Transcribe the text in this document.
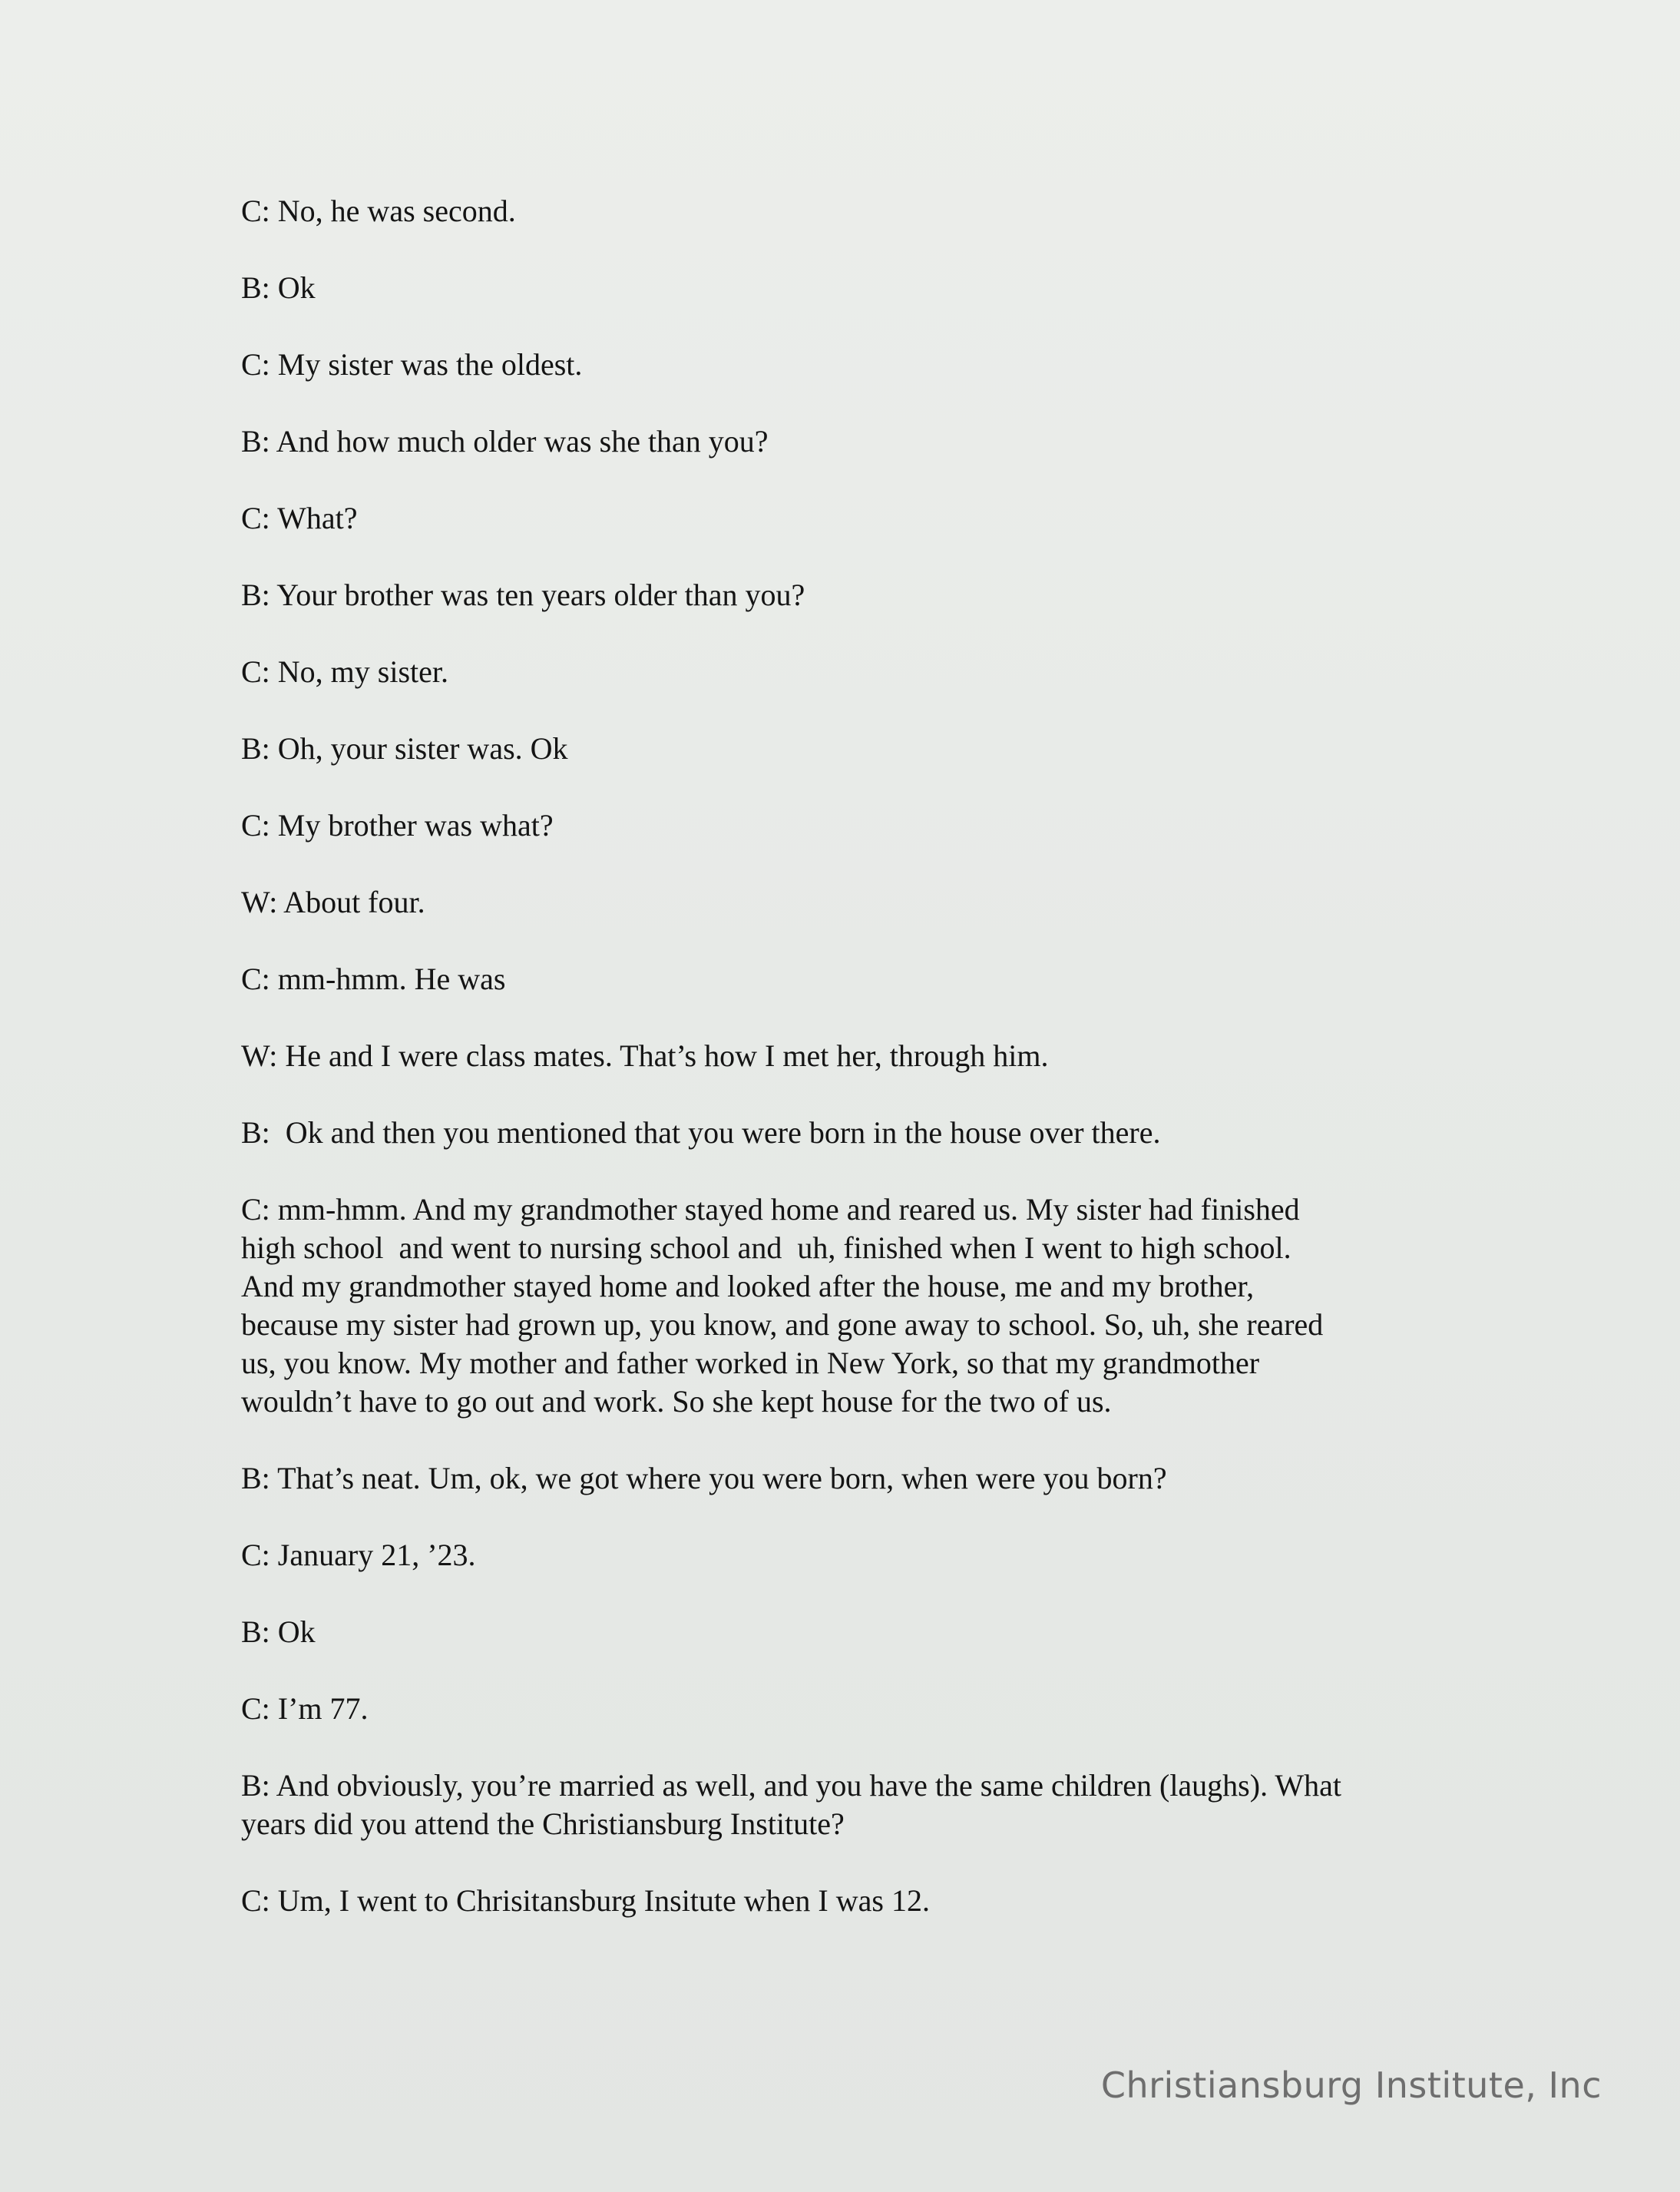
C: No, he was second.

B: Ok

C: My sister was the oldest.

B: And how much older was she than you?

C: What?

B: Your brother was ten years older than you?

C: No, my sister.

B: Oh, your sister was. Ok

C: My brother was what?

W: About four.

C: mm-hmm. He was

W: He and I were class mates. That’s how I met her, through him.

B:  Ok and then you mentioned that you were born in the house over there.

C: mm-hmm. And my grandmother stayed home and reared us. My sister had finished
high school  and went to nursing school and  uh, finished when I went to high school.
And my grandmother stayed home and looked after the house, me and my brother,
because my sister had grown up, you know, and gone away to school. So, uh, she reared
us, you know. My mother and father worked in New York, so that my grandmother
wouldn’t have to go out and work. So she kept house for the two of us.

B: That’s neat. Um, ok, we got where you were born, when were you born?

C: January 21, ’23.

B: Ok

C: I’m 77.

B: And obviously, you’re married as well, and you have the same children (laughs). What
years did you attend the Christiansburg Institute?

C: Um, I went to Chrisitansburg Insitute when I was 12.

Christiansburg Institute, Inc
